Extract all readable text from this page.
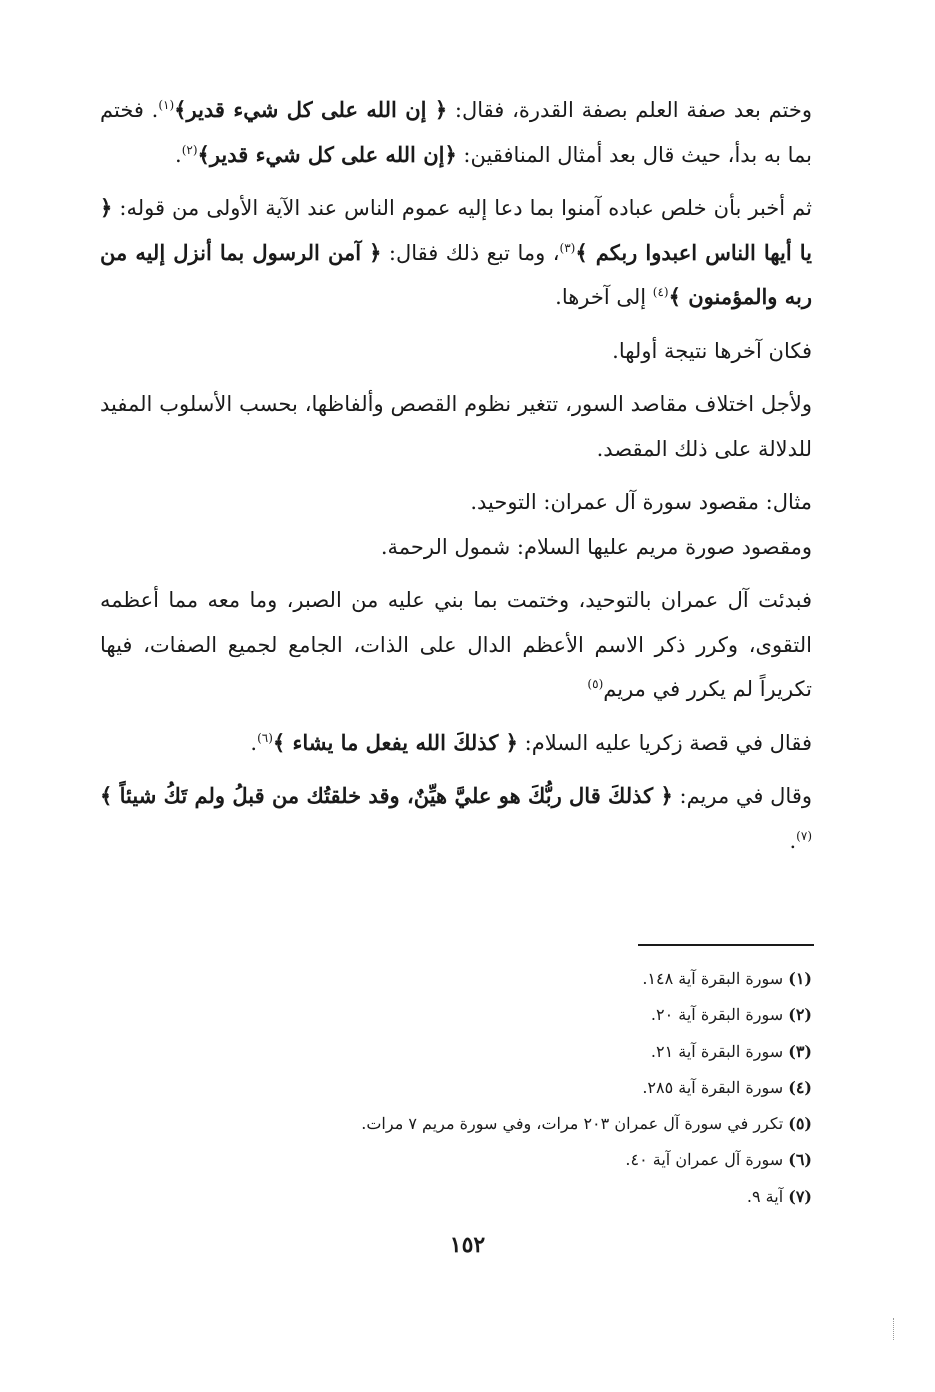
وختم بعد صفة العلم بصفة القدرة، فقال: ﴿ إن الله على كل شيء قدير﴾$^{(١)}$. فختم بما به بدأ، حيث قال بعد أمثال المنافقين: ﴿إن الله على كل شيء قدير﴾$^{(٢)}$.

ثم أخبر بأن خلص عباده آمنوا بما دعا إليه عموم الناس عند الآية الأولى من قوله: ﴿ يا أيها الناس اعبدوا ربكم ﴾$^{(٣)}$، وما تبع ذلك فقال: ﴿ آمن الرسول بما أنزل إليه من ربه والمؤمنون ﴾$^{(٤)}$ إلى آخرها.

فكان آخرها نتيجة أولها.

ولأجل اختلاف مقاصد السور، تتغير نظوم القصص وألفاظها، بحسب الأسلوب المفيد للدلالة على ذلك المقصد.

مثال: مقصود سورة آل عمران: التوحيد.

ومقصود صورة مريم عليها السلام: شمول الرحمة.

فبدئت آل عمران بالتوحيد، وختمت بما بني عليه من الصبر، وما معه مما أعظمه التقوى، وكرر ذكر الاسم الأعظم الدال على الذات، الجامع لجميع الصفات، فيها تكريراً لم يكرر في مريم$^{(٥)}$

فقال في قصة زكريا عليه السلام: ﴿ كذلكَ الله يفعل ما يشاء ﴾$^{(٦)}$.

وقال في مريم: ﴿ كذلكَ قال ربُّكَ هو عليَّ هيِّنٌ، وقد خلقتُك من قبلُ ولم تَكُ شيئاً ﴾$^{(٧)}$.

(١) سورة البقرة آية ١٤٨.

(٢) سورة البقرة آية ٢٠.

(٣) سورة البقرة آية ٢١.

(٤) سورة البقرة آية ٢٨٥.

(٥) تكرر في سورة آل عمران ٢٠٣ مرات، وفي سورة مريم ٧ مرات.

(٦) سورة آل عمران آية ٤٠.

(٧) آية ٩.

١٥٢
